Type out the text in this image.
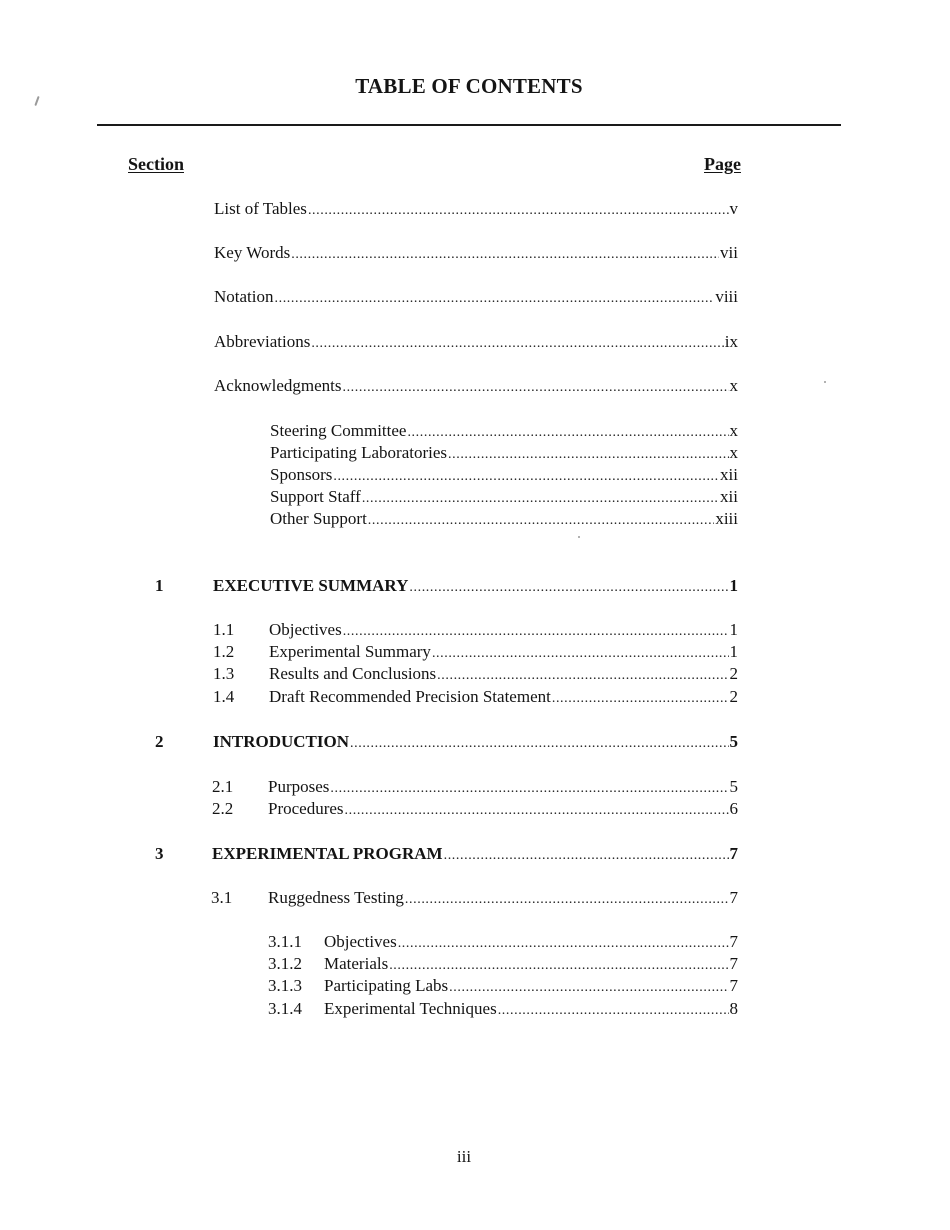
TABLE OF CONTENTS
Section	Page
List of Tables .....	v
Key Words .....	vii
Notation .....	viii
Abbreviations .....	ix
Acknowledgments .....	x
Steering Committee .....	x
Participating Laboratories .....	x
Sponsors .....	xii
Support Staff .....	xii
Other Support .....	xiii
1	EXECUTIVE SUMMARY .....	1
1.1 Objectives .....	1
1.2 Experimental Summary .....	1
1.3 Results and Conclusions .....	2
1.4 Draft Recommended Precision Statement .....	2
2	INTRODUCTION .....	5
2.1 Purposes .....	5
2.2 Procedures .....	6
3	EXPERIMENTAL PROGRAM .....	7
3.1 Ruggedness Testing .....	7
3.1.1 Objectives .....	7
3.1.2 Materials .....	7
3.1.3 Participating Labs .....	7
3.1.4 Experimental Techniques .....	8
iii
